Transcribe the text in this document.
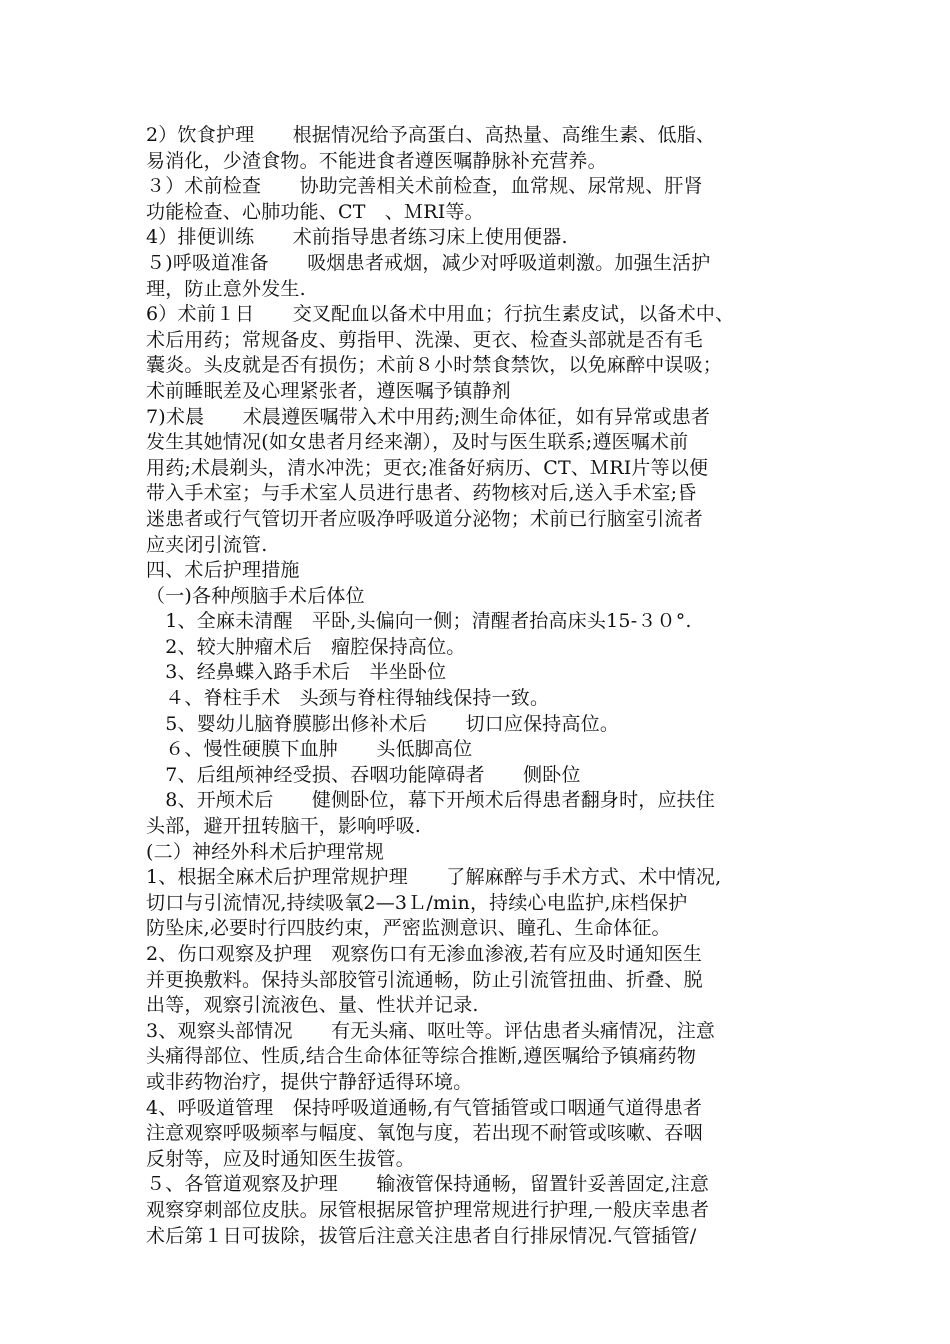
2）饮食护理　　根据情况给予高蛋白、高热量、高维生素、低脂、
易消化，少渣食物。不能进食者遵医嘱静脉补充营养。
３）术前检查　　协助完善相关术前检查，血常规、尿常规、肝肾
功能检查、心肺功能、CT　、ＭRI等。
4）排便训练　　术前指导患者练习床上使用便器.
５)呼吸道准备　　吸烟患者戒烟，减少对呼吸道刺激。加强生活护
理，防止意外发生.
6）术前１日　　交叉配血以备术中用血；行抗生素皮试，以备术中、
术后用药；常规备皮、剪指甲、洗澡、更衣、检查头部就是否有毛
囊炎。头皮就是否有损伤；术前８小时禁食禁饮，以免麻醉中误吸；
术前睡眠差及心理紧张者，遵医嘱予镇静剂
7)术晨　　术晨遵医嘱带入术中用药;测生命体征，如有异常或患者
发生其她情况(如女患者月经来潮），及时与医生联系;遵医嘱术前
用药;术晨剃头，清水冲洗；更衣;准备好病历、CT、ＭRI片等以便
带入手术室；与手术室人员进行患者、药物核对后,送入手术室;昏
迷患者或行气管切开者应吸净呼吸道分泌物；术前已行脑室引流者
应夹闭引流管.
四、术后护理措施
（一)各种颅脑手术后体位
　1、全麻未清醒　平卧,头偏向一侧；清醒者抬高床头15-３０°.
　2、较大肿瘤术后　瘤腔保持高位。
　3、经鼻蝶入路手术后　半坐卧位
　４、脊柱手术　头颈与脊柱得轴线保持一致。
　5、婴幼儿脑脊膜膨出修补术后　　切口应保持高位。
　６、慢性硬膜下血肿　　头低脚高位
　7、后组颅神经受损、吞咽功能障碍者　　侧卧位
　8、开颅术后　　健侧卧位，幕下开颅术后得患者翻身时，应扶住
头部，避开扭转脑干，影响呼吸.
(二）神经外科术后护理常规
1、根据全麻术后护理常规护理　　了解麻醉与手术方式、术中情况,
切口与引流情况,持续吸氧2—3Ｌ/min，持续心电监护,床档保护
防坠床,必要时行四肢约束，严密监测意识、瞳孔、生命体征。
2、伤口观察及护理　观察伤口有无渗血渗液,若有应及时通知医生
并更换敷料。保持头部胶管引流通畅，防止引流管扭曲、折叠、脱
出等，观察引流液色、量、性状并记录.
3、观察头部情况　　有无头痛、呕吐等。评估患者头痛情况，注意
头痛得部位、性质,结合生命体征等综合推断,遵医嘱给予镇痛药物
或非药物治疗，提供宁静舒适得环境。
4、呼吸道管理　保持呼吸道通畅,有气管插管或口咽通气道得患者
注意观察呼吸频率与幅度、氧饱与度，若出现不耐管或咳嗽、吞咽
反射等，应及时通知医生拔管。
５、各管道观察及护理　　输液管保持通畅，留置针妥善固定,注意
观察穿刺部位皮肤。尿管根据尿管护理常规进行护理,一般庆幸患者
术后第１日可拔除，拔管后注意关注患者自行排尿情况.气管插管/
